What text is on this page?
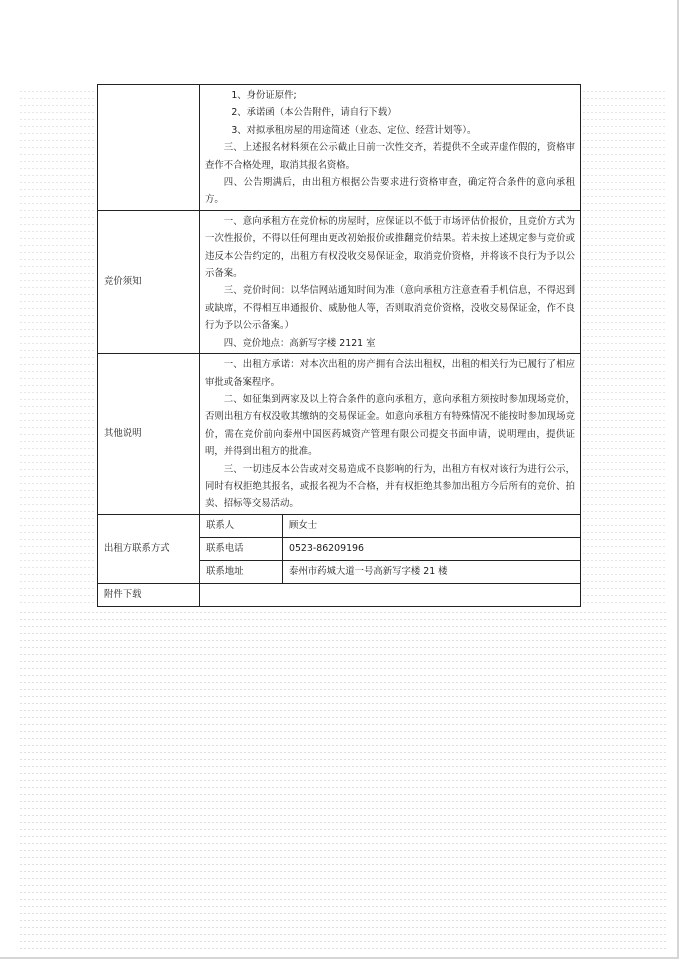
	1、身份证原件;

2、承诺函（本公告附件，请自行下载）

3、对拟承租房屋的用途简述（业态、定位、经营计划等）。

三、上述报名材料须在公示截止日前一次性交齐，若提供不全或弄虚作假的，资格审查作不合格处理，取消其报名资格。

四、公告期满后，由出租方根据公告要求进行资格审查，确定符合条件的意向承租方。	

竞价须知	一、意向承租方在竞价标的房屋时，应保证以不低于市场评估价报价，且竞价方式为一次性报价，不得以任何理由更改初始报价或推翻竞价结果。若未按上述规定参与竞价或违反本公告约定的，出租方有权没收交易保证金，取消竞价资格，并将该不良行为予以公示备案。

三、竞价时间：以华信网站通知时间为准（意向承租方注意查看手机信息，不得迟到或缺席，不得相互串通报价、威胁他人等，否则取消竞价资格，没收交易保证金，作不良行为予以公示备案。）

四、竞价地点：高新写字楼 2121 室	

其他说明	一、出租方承诺：对本次出租的房产拥有合法出租权，出租的相关行为已履行了相应审批或备案程序。

二、如征集到两家及以上符合条件的意向承租方，意向承租方须按时参加现场竞价，否则出租方有权没收其缴纳的交易保证金。如意向承租方有特殊情况不能按时参加现场竞价，需在竞价前向泰州中国医药城资产管理有限公司提交书面申请，说明理由，提供证明，并得到出租方的批准。

三、一切违反本公告或对交易造成不良影响的行为，出租方有权对该行为进行公示，同时有权拒绝其报名，或报名视为不合格，并有权拒绝其参加出租方今后所有的竞价、拍卖、招标等交易活动。	

出租方联系方式	联系人	顾女士
	联系电话	0523-86209196
	联系地址	泰州市药城大道一号高新写字楼 21 楼
附件下载		
